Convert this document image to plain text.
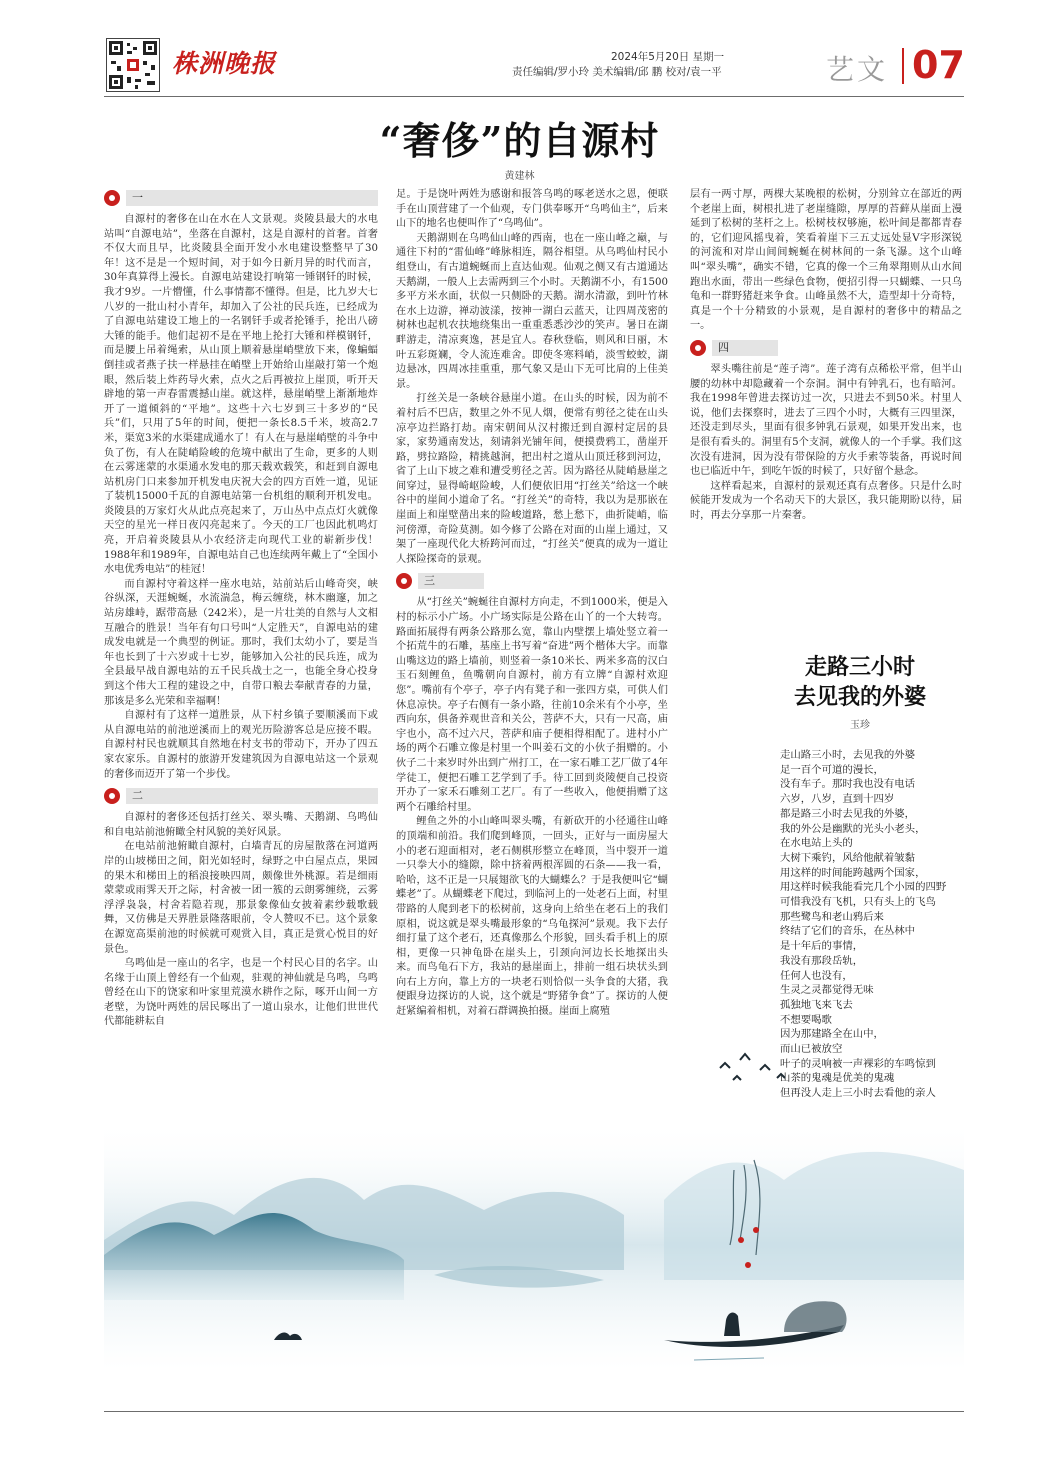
株洲晚报	2024年5月20日 星期一
责任编辑/罗小玲 美术编辑/邱 鹏 校对/袁一平	艺文 07
“奢侈”的自源村
黄建林
一

自源村的奢侈在山在水在人文景观。炎陵县最大的水电站叫“自源电站”，坐落在自源村，这是自源村的首奢。首奢不仅大而且早，比炎陵县全面开发小水电建设整整早了30年！这不是是一个短时间，对于如今日新月异的时代而言，30年真算得上漫长。自源电站建设打响第一锤钢钎的时候，我才9岁。一片懵懂，什么事情都不懂得。但是，比九岁大七八岁的一批山村小青年，却加入了公社的民兵连，已经成为了自源电站建设工地上的一名钢钎手或者抡锤手，抡出八磅大锤的能手。他们起初不是在平地上抡打大锤和样模钢钎，而是腰上吊着绳索，从山顶上顺着悬崖峭壁放下来，像蝙蝠倒挂或者燕子扶一样悬挂在峭壁上开始给山崖敲打第一个炮眼，然后装上炸药导火索，点火之后再被拉上崖顶，听开天辟地的第一声春雷震撼山崖。就这样，悬崖峭壁上渐渐地炸开了一道倾斜的“平地”。这些十六七岁到三十多岁的“民兵”们，只用了5年的时间，便把一条长8.5千米，坡高2.7米，渠宽3米的水渠建成通水了！有人在与悬崖峭壁的斗争中负了伤，有人在陡峭险峻的危境中献出了生命，更多的人则在云雾迷蒙的水渠通水发电的那天载欢载笑，和赶到自源电站机房门口来参加开机发电庆祝大会的四方百姓一道，见证了装机15000千瓦的自源电站第一台机组的顺利开机发电。炎陵县的万家灯火从此点亮起来了，万山丛中点点灯火就像天空的星光一样日夜闪亮起来了。今天的工厂也因此机鸣灯亮，开启着炎陵县从小农经济走向现代工业的崭新步伐！1988年和1989年，自源电站自己也连续两年戴上了“全国小水电优秀电站”的桂冠！

而自源村守着这样一座水电站，站前站后山峰奇突，峡谷纵深，天涯蜿蜒，水流湍急，梅云缠绕，林木幽邃，加之站房雄峙，踞带高悬（242米），是一片壮美的自然与人文相互融合的胜景！当年有句口号叫“人定胜天”，自源电站的建成发电就是一个典型的例证。那时，我们太幼小了，要是当年也长到了十六岁或十七岁，能够加入公社的民兵连，成为全县最早战自源电站的五千民兵战士之一，也能全身心投身到这个伟大工程的建设之中，自带口粮去奉献青春的力量，那该是多么光荣和幸福啊！

自源村有了这样一道胜景，从下村乡镇子要顺溪而下或从自源电站的前池逆溪而上的观光历险游客总是应接不暇。自源村村民也就顺其自然地在村支书的带动下，开办了四五家农家乐。自源村的旅游开发建筑因为自源电站这一个景观的奢侈而迈开了第一个步伐。

二

自源村的奢侈还包括打丝关、翠头嘴、天鹅湖、乌鸣仙和自电站前池俯瞰全村风貌的美好风景。

在电站前池俯瞰自源村，白墙青瓦的房屋散落在河道两岸的山坡梯田之间，阳光如轻时，绿野之中白屋点点，果园的果木和梯田上的稻浪接映四周，颇像世外桃源。若是细雨蒙蒙或雨霁天开之际，村舍被一团一簇的云朗雾缠绕，云雾浮浮袅袅，村舍若隐若现，那景象像仙女披着素纱载歌载舞，又仿佛是天界胜景隆落眼前，令人赞叹不已。这个景象在源宽高渠前池的时候就可观赏入目，真正是赏心悦目的好景色。

乌鸣仙是一座山的名字，也是一个村民心目的名字。山名缘于山顶上曾经有一个仙观，驻观的神仙就是乌鸣，乌鸣曾经在山下的饶家和叶家里荒漠水耕作之际，啄开山间一方老壁，为饶叶两姓的居民啄出了一道山泉水，让他们世世代代都能耕耘自

足。于是饶叶两姓为感谢和报答乌鸣的啄老送水之恩，便联手在山顶营建了一个仙观，专门供奉啄开“乌鸣仙主”，后来山下的地名也便叫作了“乌鸣仙”。

天鹅湖则在乌鸣仙山峰的西南，也在一座山峰之巅，与通往下村的“雷仙峰”峰脉相连，隔谷相望。从乌鸣仙村民小组登山，有古道蜿蜒而上直达仙观。仙观之侧又有古道通达天鹅湖，一般人上去需两到三个小时。天鹅湖不小，有1500多平方米水面，状似一只侧卧的天鹅。湖水清澈，到叶竹林在水上边游，禅动波漾，按神一湖白云蓝天，让四周茂密的树林也起机农扶地绕集出一重重悉悉沙沙的笑声。暑日在湖畔游走，清凉爽逸，甚是宜人。春秋登临，则风和日丽，木叶五彩斑斓，令人流连难舍。即使冬寒料峭，淡雪蛟蛟，湖边悬冰，四周冰挂重重，那气象又是山下无可比肩的上佳美景。

打丝关是一条峡谷悬崖小道。在山头的时候，因为前不着村后不巴店，数里之外不见人烟，便常有剪径之徒在山头凉亭边拦路打劫。南宋朝间从汉村搬迁到自源村定居的县家，家势通南发达，刻请斜光铺年间，便摸费鸦工，凿崖开路，劈拉路险，精挑越涧，把出村之道从山顶迁移到河边，省了上山下坡之难和遭受剪径之苦。因为路径从陡峭悬崖之间穿过，显得崎岖险峻，人们便依旧用“打丝关”给这一个峡谷中的崖间小道命了名。“打丝关”的奇特，我以为是那嵌在崖面上和崖壁凿出来的险峻道路，愁上愁下，曲折陡峭，临河傍潭，奇险莫测。如今修了公路在对面的山崖上通过，又架了一座现代化大桥跨河而过，“打丝关”便真的成为一道让人探险探奇的景观。

三

从“打丝关”蜿蜒往自源村方向走，不到1000米，便是入村的标示小广场。小广场实际是公路在山丫的一个大转弯。路面拓展得有两条公路那么宽，靠山内壁摆上墙处竖立着一个拓荒牛的石雕，基座上书写着“奋进”两个楷体大字。而靠山嘴这边的路上墙前，则竖着一条10米长、两米多高的汉白玉石刻鲤鱼，鱼嘴朝向自源村，前方有立牌“自源村欢迎您”。嘴前有个亭子，亭子内有凳子和一张四方桌，可供人们休息凉快。亭子右侧有一条小路，往前10余米有个小亭，坐西向东，俱备养观世音和关公，菩萨不大，只有一尺高，庙宇也小，高不过六尺，菩萨和庙子便相得相配了。进村小广场的两个石雕立像是村里一个叫姜石文的小伙子捐赠的。小伙子二十来岁时外出到广州打工，在一家石雕工艺厂做了4年学徒工，便把石雕工艺学到了手。待工回到炎陵便自己投资开办了一家禾石雕刻工艺厂。有了一些收入，他便捐赠了这两个石雕给村里。

鲤鱼之外的小山峰叫翠头嘴，有新砍开的小径通往山峰的顶端和前沿。我们爬到峰顶，一回头，正好与一面房屋大小的老石迎面相对，老石侧棋形整立在峰顶，当中裂开一道一只拳大小的缝隙，除中挤着两根浑圆的石条——我一看，哈哈，这不正是一只展翅欲飞的大蝴蝶么？于是我便叫它“蝴蝶老”了。从蝴蝶老下爬过，到临河上的一处老石上面，村里带路的人爬到老下的松树前，这身向上给坐在老石上的我们原相，说这就是翠头嘴最形象的“乌龟探河”景观。我下去仔细打量了这个老石，还真像那么个形貌，回头看手机上的原相，更像一只神龟卧在崖头上，引颈向河边长长地探出头来。而鸟龟石下方，我站的悬崖面上，排前一组石块状头到向右上方向，靠上方的一块老石则恰似一头争食的大猪，我便跟身边探访的人说，这个就是“野猪争食”了。探访的人便赶紧编着相机，对着石群调换拍摄。崖面上腐殖

层有一两寸厚，两棵大某晚根的松树，分别耸立在部近的两个老崖上面，树根扎进了老崖缝隙，厚厚的苔藓从崖面上漫延到了松树的茎杆之上。松树枝权够施，松叶间是都都青春的，它们迎风摇曳着，笑看着崖下三五丈远处显V字形深锐的河流和对岸山间间蜿蜒在树林间的一条飞瀑。这个山峰叫“翠头嘴”，确实不错，它真的像一个三角翠翔则从山水间跑出水面，带出一些绿色食物，便招引得一只蝴蝶、一只乌龟和一群野猪赶来争食。山峰虽然不大，造型却十分奇特，真是一个十分精致的小景观，是自源村的奢侈中的精品之一。

四

翠头嘴往前是“莲子湾”。莲子湾有点稀松平常，但半山腰的幼林中却隐藏着一个奈洞。洞中有钟乳石，也有暗河。我在1998年曾进去探访过一次，只进去不到50米。村里人说，他们去探察时，进去了三四个小时，大概有三四里深，还没走到尽头，里面有很多钟乳石景观，如果开发出来，也是很有看头的。洞里有5个支洞，就像人的一个手掌。我们这次没有进洞，因为没有带保险的方火手索等装备，再说时间也已临近中午，到吃午饭的时候了，只好留个悬念。

这样看起来，自源村的景观还真有点奢侈。只是什么时候能开发成为一个名动天下的大景区，我只能期盼以待，届时，再去分享那一片秦奢。

走路三小时
去见我的外婆
玉珍
走山路三小时，去见我的外婆
足一百个可道的漫长，
没有车子。那时我也没有电话
六岁，八岁，直到十四岁
都是路三小时去见我的外婆，
我的外公是幽默的光头小老头，
在水电站上头的
大树下乘钓，风给他献着皱黏
用这样的时间能跨越两个国家，
用这样时候我能看完几个小园的四野
可惜我没有飞机，只有头上的飞鸟
那些鹭鸟和老山鸦后来
终结了它们的音乐，在丛林中
是十年后的事情，
我没有那段岳轨，
任何人也没有，
生灵之灵都觉得无味
孤独地飞来飞去
不想要喝歌
因为那建路全在山中，
而山已被放空
叶子的灵响被一声裸彩的车鸣惊到
山茶的鬼魂是优美的鬼魂
但再没人走上三小时去看他的亲人
